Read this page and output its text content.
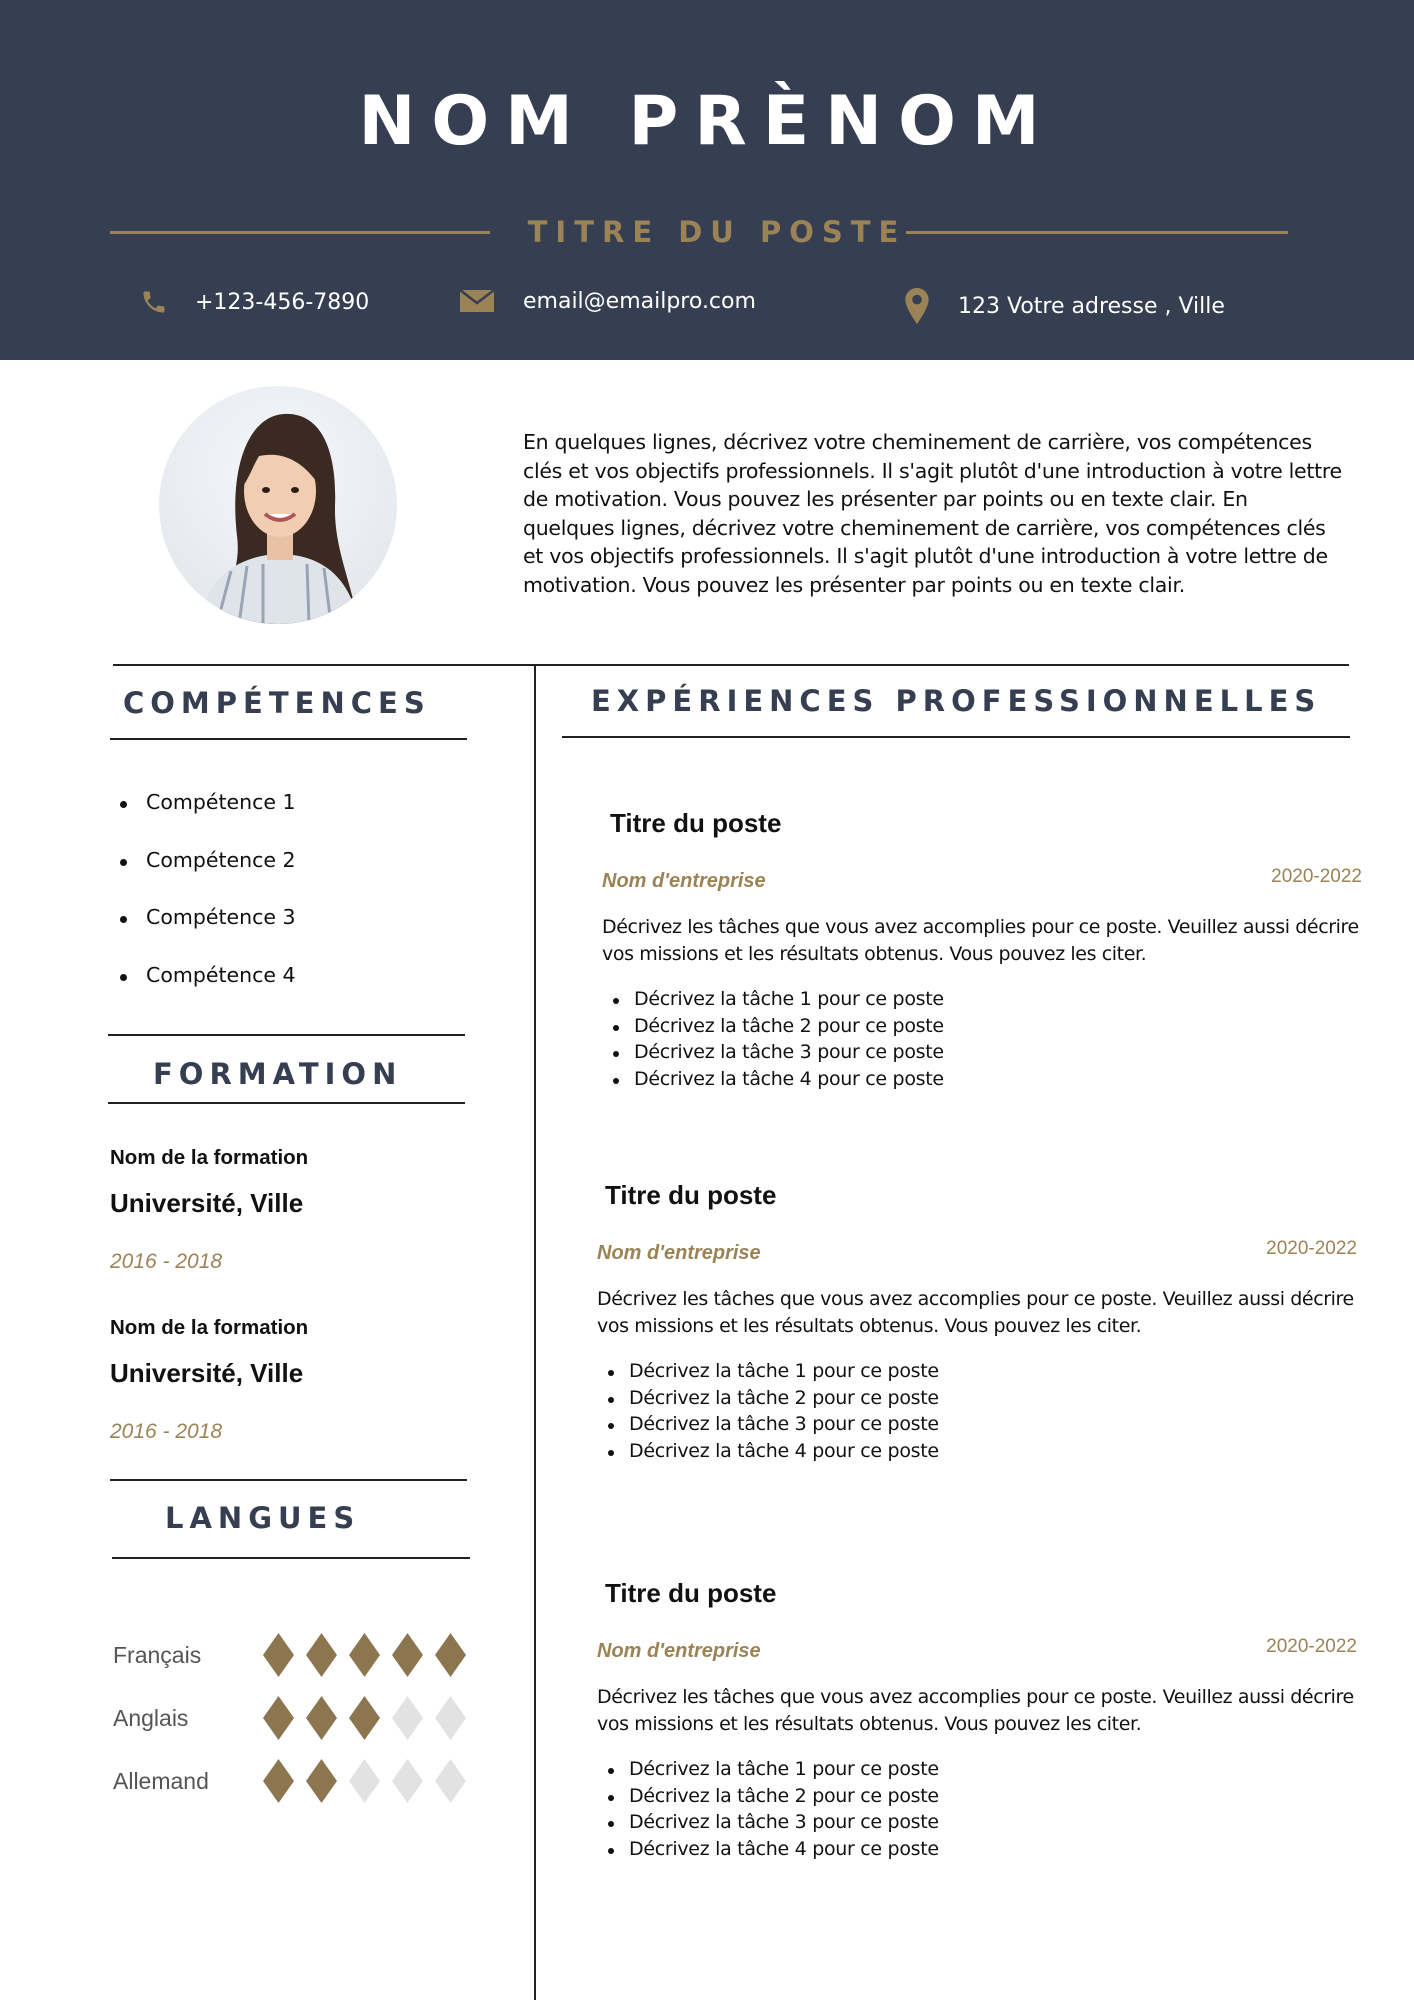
NOM PRÈNOM
TITRE DU POSTE
+123-456-7890	email@emailpro.com	123 Votre adresse , Ville
En quelques lignes, décrivez votre cheminement de carrière, vos compétences clés et vos objectifs professionnels. Il s'agit plutôt d'une introduction à votre lettre de motivation. Vous pouvez les présenter par points ou en texte clair. En quelques lignes, décrivez votre cheminement de carrière, vos compétences clés et vos objectifs professionnels. Il s'agit plutôt d'une introduction à votre lettre de motivation. Vous pouvez les présenter par points ou en texte clair.
COMPÉTENCES
Compétence 1
Compétence 2
Compétence 3
Compétence 4
FORMATION
Nom de la formation
Université, Ville
2016 - 2018
Nom de la formation
Université, Ville
2016 - 2018
LANGUES
Français
Anglais
Allemand
EXPÉRIENCES PROFESSIONNELLES
Titre du poste
Nom d'entreprise	2020-2022
Décrivez les tâches que vous avez accomplies pour ce poste. Veuillez aussi décrire vos missions et les résultats obtenus. Vous pouvez les citer.
Décrivez la tâche 1 pour ce poste
Décrivez la tâche 2 pour ce poste
Décrivez la tâche 3 pour ce poste
Décrivez la tâche 4 pour ce poste
Titre du poste
Nom d'entreprise	2020-2022
Décrivez les tâches que vous avez accomplies pour ce poste. Veuillez aussi décrire vos missions et les résultats obtenus. Vous pouvez les citer.
Décrivez la tâche 1 pour ce poste
Décrivez la tâche 2 pour ce poste
Décrivez la tâche 3 pour ce poste
Décrivez la tâche 4 pour ce poste
Titre du poste
Nom d'entreprise	2020-2022
Décrivez les tâches que vous avez accomplies pour ce poste. Veuillez aussi décrire vos missions et les résultats obtenus. Vous pouvez les citer.
Décrivez la tâche 1 pour ce poste
Décrivez la tâche 2 pour ce poste
Décrivez la tâche 3 pour ce poste
Décrivez la tâche 4 pour ce poste
